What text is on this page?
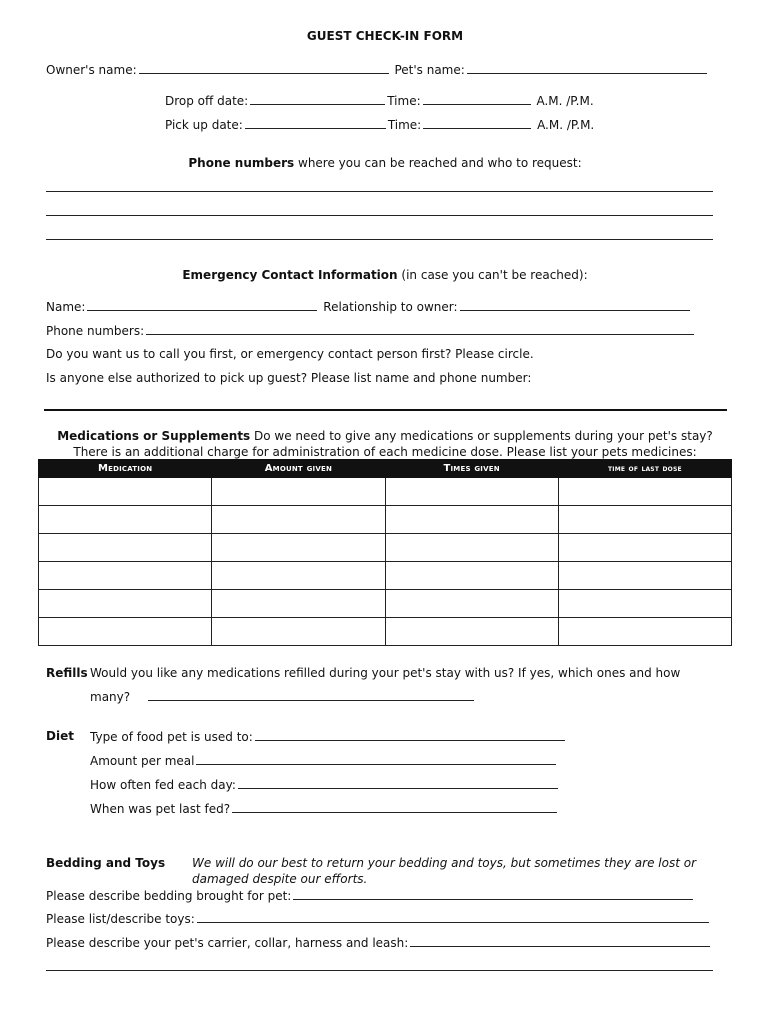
GUEST CHECK-IN FORM
Owner's name:	Pet's name:
Drop off date:	Time:	A.M. /P.M.
Pick up date:	Time:	A.M. /P.M.
Phone numbers where you can be reached and who to request:
Emergency Contact Information (in case you can't be reached):
Name:	Relationship to owner:
Phone numbers:
Do you want us to call you first, or emergency contact person first? Please circle.
Is anyone else authorized to pick up guest? Please list name and phone number:
Medications or Supplements Do we need to give any medications or supplements during your pet's stay?
There is an additional charge for administration of each medicine dose. Please list your pets medicines:
Medication	Amount given	Times given	time of last dose

Refills Would you like any medications refilled during your pet's stay with us? If yes, which ones and how
many?
Diet Type of food pet is used to:
Amount per meal
How often fed each day:
When was pet last fed?
Bedding and Toys We will do our best to return your bedding and toys, but sometimes they are lost or
damaged despite our efforts.
Please describe bedding brought for pet:
Please list/describe toys:
Please describe your pet's carrier, collar, harness and leash:
